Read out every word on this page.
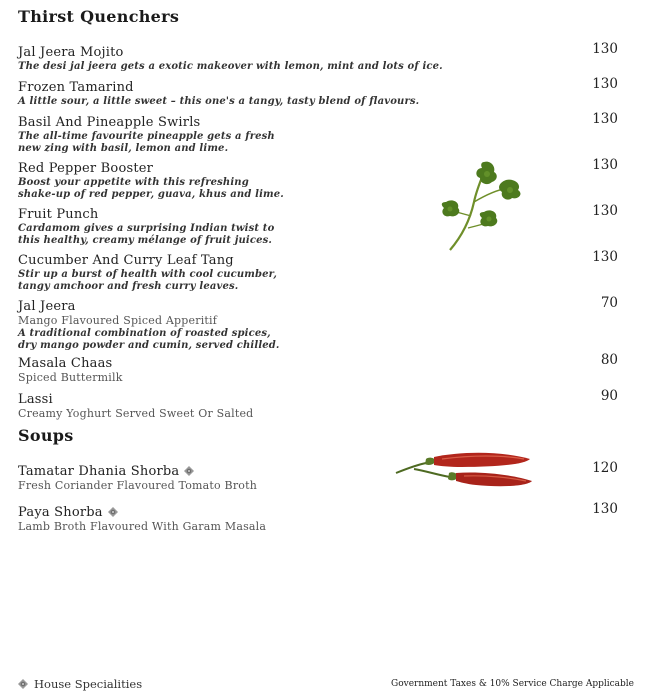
Thirst Quenchers
Jal Jeera Mojito	130
The desi jal jeera gets a exotic makeover with lemon, mint and lots of ice.
Frozen Tamarind	130
A little sour, a little sweet – this one's a tangy, tasty blend of flavours.
Basil And Pineapple Swirls	130
The all-time favourite pineapple gets a fresh
new zing with basil, lemon and lime.
Red Pepper Booster	130
Boost your appetite with this refreshing
shake-up of red pepper, guava, khus and lime.
Fruit Punch	130
Cardamom gives a surprising Indian twist to
this healthy, creamy mélange of fruit juices.
Cucumber And Curry Leaf Tang	130
Stir up a burst of health with cool cucumber,
tangy amchoor and fresh curry leaves.
Jal Jeera	70
Mango Flavoured Spiced Apperitif
A traditional combination of roasted spices,
dry mango powder and cumin, served chilled.
Masala Chaas	80
Spiced Buttermilk
Lassi	90
Creamy Yoghurt Served Sweet Or Salted
Soups
Tamatar Dhania Shorba	120
Fresh Coriander Flavoured Tomato Broth
Paya Shorba	130
Lamb Broth Flavoured With Garam Masala
House Specialities	Government Taxes & 10% Service Charge Applicable
